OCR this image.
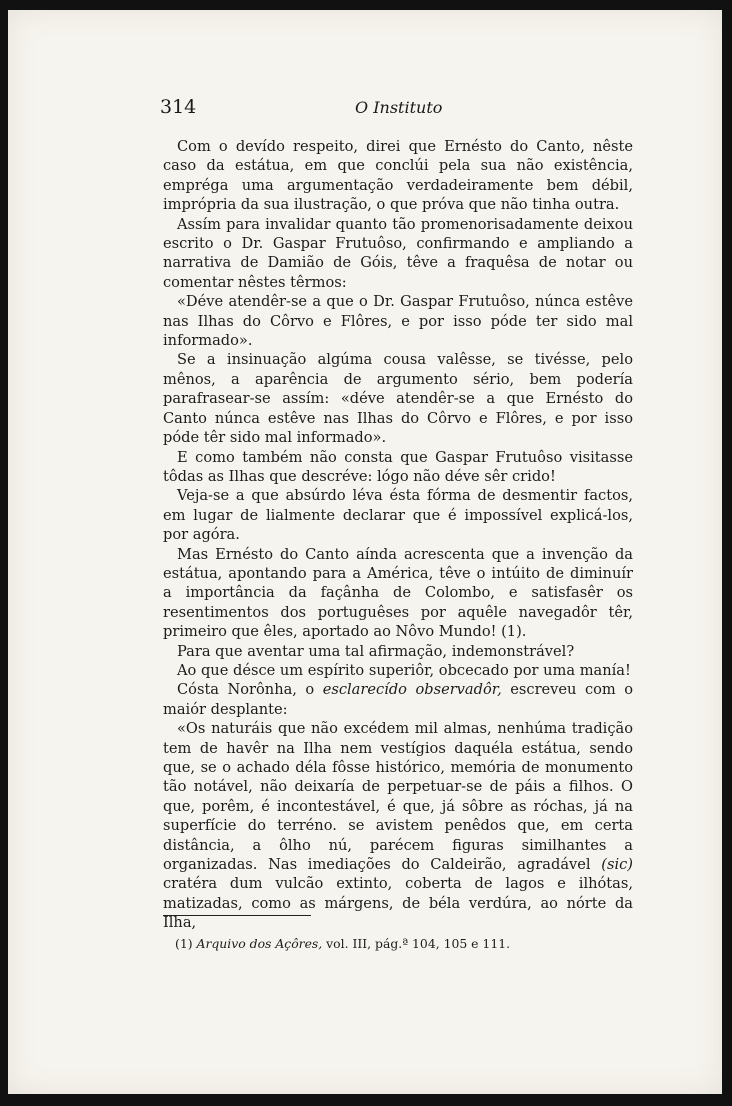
314	O Instituto

Com o devído respeito, direi que Ernésto do Canto, nêste caso da estátua, em que conclúi pela sua não existência, empréga uma argumentação verdadeiramente bem débil, imprópria da sua ilustração, o que próva que não tinha outra.

Assím para invalidar quanto tão promenorisadamente deixou escrito o Dr. Gaspar Frutuôso, confirmando e ampliando a narrativa de Damião de Góis, têve a fraquêsa de notar ou comentar nêstes têrmos:

«Déve atendêr-se a que o Dr. Gaspar Frutuôso, núnca estêve nas Ilhas do Côrvo e Flôres, e por isso póde ter sido mal informado».

Se a insinuação algúma cousa valêsse, se tivésse, pelo mênos, a aparência de argumento sério, bem podería parafrasear-se assím: «déve atendêr-se a que Ernésto do Canto núnca estêve nas Ilhas do Côrvo e Flôres, e por isso póde têr sido mal informado».

E como também não consta que Gaspar Frutuôso visitasse tôdas as Ilhas que descréve: lógo não déve sêr crido!

Veja-se a que absúrdo léva ésta fórma de desmentir factos, em lugar de lialmente declarar que é impossível explicá-los, por agóra.

Mas Ernésto do Canto aínda acrescenta que a invenção da estátua, apontando para a América, têve o intúito de diminuír a importância da façânha de Colombo, e satisfasêr os resentimentos dos portuguêses por aquêle navegadôr têr, primeiro que êles, aportado ao Nôvo Mundo! (1).

Para que aventar uma tal afirmação, indemonstrável?

Ao que désce um espírito superiôr, obcecado por uma manía!

Cósta Norônha, o esclarecído observadôr, escreveu com o maiór desplante:

«Os naturáis que não excédem mil almas, nenhúma tradição tem de havêr na Ilha nem vestígios daquéla estátua, sendo que, se o achado déla fôsse histórico, memória de monumento tão notável, não deixaría de perpetuar-se de páis a filhos. O que, porêm, é incontestável, é que, já sôbre as róchas, já na superfície do terréno. se avistem penêdos que, em certa distância, a ôlho nú, parécem figuras similhantes a organizadas. Nas imediações do Caldeirão, agradável (sic) cratéra dum vulcão extinto, coberta de lagos e ilhótas, matizadas, como as márgens, de béla verdúra, ao nórte da Ilha,

(1) Arquivo dos Açôres, vol. III, pág.ª 104, 105 e 111.
